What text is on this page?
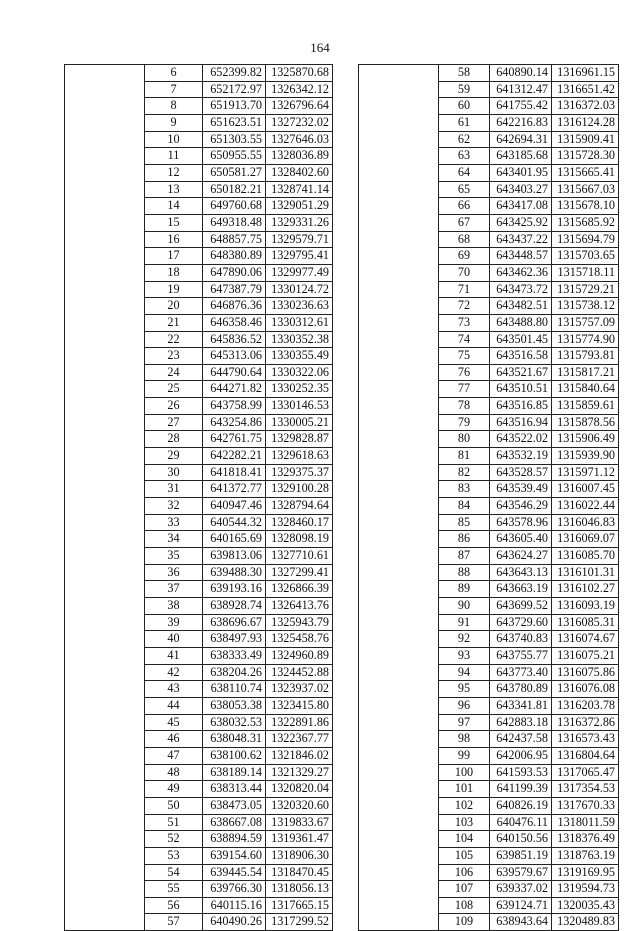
164
	6	652399.82	1325870.68
	7	652172.97	1326342.12
	8	651913.70	1326796.64
	9	651623.51	1327232.02
	10	651303.55	1327646.03
	11	650955.55	1328036.89
	12	650581.27	1328402.60
	13	650182.21	1328741.14
	14	649760.68	1329051.29
	15	649318.48	1329331.26
	16	648857.75	1329579.71
	17	648380.89	1329795.41
	18	647890.06	1329977.49
	19	647387.79	1330124.72
	20	646876.36	1330236.63
	21	646358.46	1330312.61
	22	645836.52	1330352.38
	23	645313.06	1330355.49
	24	644790.64	1330322.06
	25	644271.82	1330252.35
	26	643758.99	1330146.53
	27	643254.86	1330005.21
	28	642761.75	1329828.87
	29	642282.21	1329618.63
	30	641818.41	1329375.37
	31	641372.77	1329100.28
	32	640947.46	1328794.64
	33	640544.32	1328460.17
	34	640165.69	1328098.19
	35	639813.06	1327710.61
	36	639488.30	1327299.41
	37	639193.16	1326866.39
	38	638928.74	1326413.76
	39	638696.67	1325943.79
	40	638497.93	1325458.76
	41	638333.49	1324960.89
	42	638204.26	1324452.88
	43	638110.74	1323937.02
	44	638053.38	1323415.80
	45	638032.53	1322891.86
	46	638048.31	1322367.77
	47	638100.62	1321846.02
	48	638189.14	1321329.27
	49	638313.44	1320820.04
	50	638473.05	1320320.60
	51	638667.08	1319833.67
	52	638894.59	1319361.47
	53	639154.60	1318906.30
	54	639445.54	1318470.45
	55	639766.30	1318056.13
	56	640115.16	1317665.15
	57	640490.26	1317299.52
	58	640890.14	1316961.15
	59	641312.47	1316651.42
	60	641755.42	1316372.03
	61	642216.83	1316124.28
	62	642694.31	1315909.41
	63	643185.68	1315728.30
	64	643401.95	1315665.41
	65	643403.27	1315667.03
	66	643417.08	1315678.10
	67	643425.92	1315685.92
	68	643437.22	1315694.79
	69	643448.57	1315703.65
	70	643462.36	1315718.11
	71	643473.72	1315729.21
	72	643482.51	1315738.12
	73	643488.80	1315757.09
	74	643501.45	1315774.90
	75	643516.58	1315793.81
	76	643521.67	1315817.21
	77	643510.51	1315840.64
	78	643516.85	1315859.61
	79	643516.94	1315878.56
	80	643522.02	1315906.49
	81	643532.19	1315939.90
	82	643528.57	1315971.12
	83	643539.49	1316007.45
	84	643546.29	1316022.44
	85	643578.96	1316046.83
	86	643605.40	1316069.07
	87	643624.27	1316085.70
	88	643643.13	1316101.31
	89	643663.19	1316102.27
	90	643699.52	1316093.19
	91	643729.60	1316085.31
	92	643740.83	1316074.67
	93	643755.77	1316075.21
	94	643773.40	1316075.86
	95	643780.89	1316076.08
	96	643341.81	1316203.78
	97	642883.18	1316372.86
	98	642437.58	1316573.43
	99	642006.95	1316804.64
	100	641593.53	1317065.47
	101	641199.39	1317354.53
	102	640826.19	1317670.33
	103	640476.11	1318011.59
	104	640150.56	1318376.49
	105	639851.19	1318763.19
	106	639579.67	1319169.95
	107	639337.02	1319594.73
	108	639124.71	1320035.43
	109	638943.64	1320489.83
